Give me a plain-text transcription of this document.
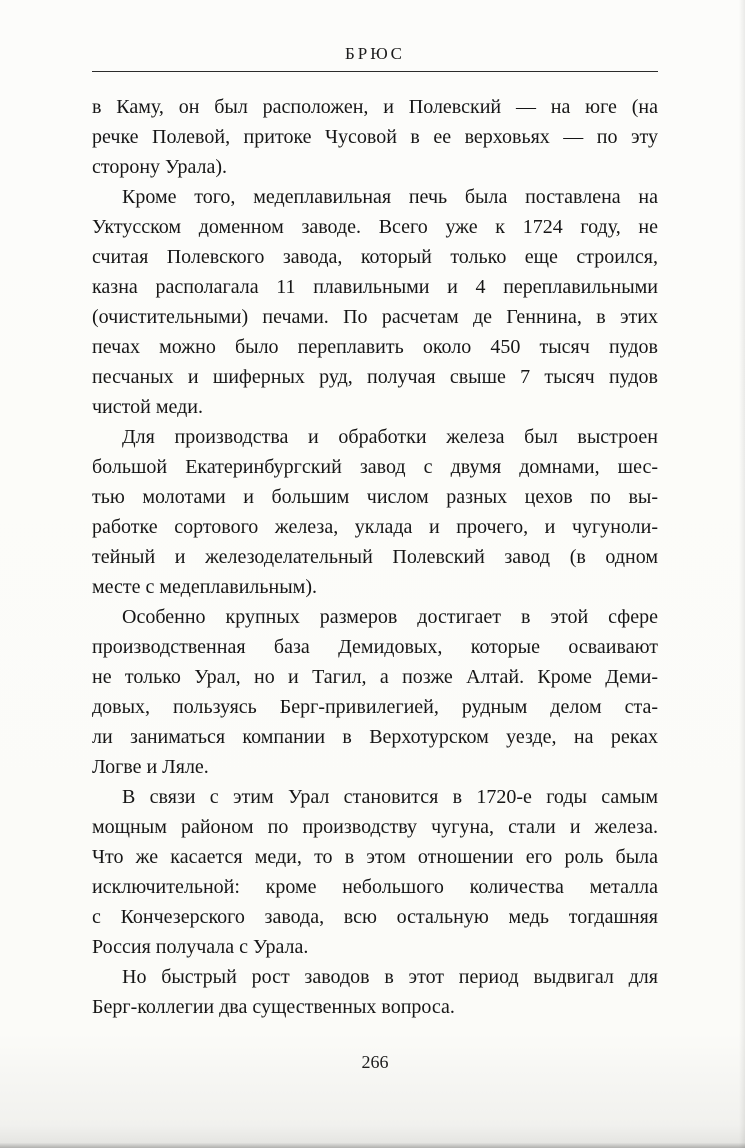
БРЮС
в Каму, он был расположен, и Полевский — на юге (на
речке Полевой, притоке Чусовой в ее верховьях — по эту
сторону Урала).
Кроме того, медеплавильная печь была поставлена на
Уктусском доменном заводе. Всего уже к 1724 году, не
считая Полевского завода, который только еще строился,
казна располагала 11 плавильными и 4 переплавильными
(очистительными) печами. По расчетам де Геннина, в этих
печах можно было переплавить около 450 тысяч пудов
песчаных и шиферных руд, получая свыше 7 тысяч пудов
чистой меди.
Для производства и обработки железа был выстроен
большой Екатеринбургский завод с двумя домнами, шес-
тью молотами и большим числом разных цехов по вы-
работке сортового железа, уклада и прочего, и чугуноли-
тейный и железоделательный Полевский завод (в одном
месте с медеплавильным).
Особенно крупных размеров достигает в этой сфере
производственная база Демидовых, которые осваивают
не только Урал, но и Тагил, а позже Алтай. Кроме Деми-
довых, пользуясь Берг-привилегией, рудным делом ста-
ли заниматься компании в Верхотурском уезде, на реках
Логве и Ляле.
В связи с этим Урал становится в 1720-е годы самым
мощным районом по производству чугуна, стали и железа.
Что же касается меди, то в этом отношении его роль была
исключительной: кроме небольшого количества металла
с Кончезерского завода, всю остальную медь тогдашняя
Россия получала с Урала.
Но быстрый рост заводов в этот период выдвигал для
Берг-коллегии два существенных вопроса.
266
